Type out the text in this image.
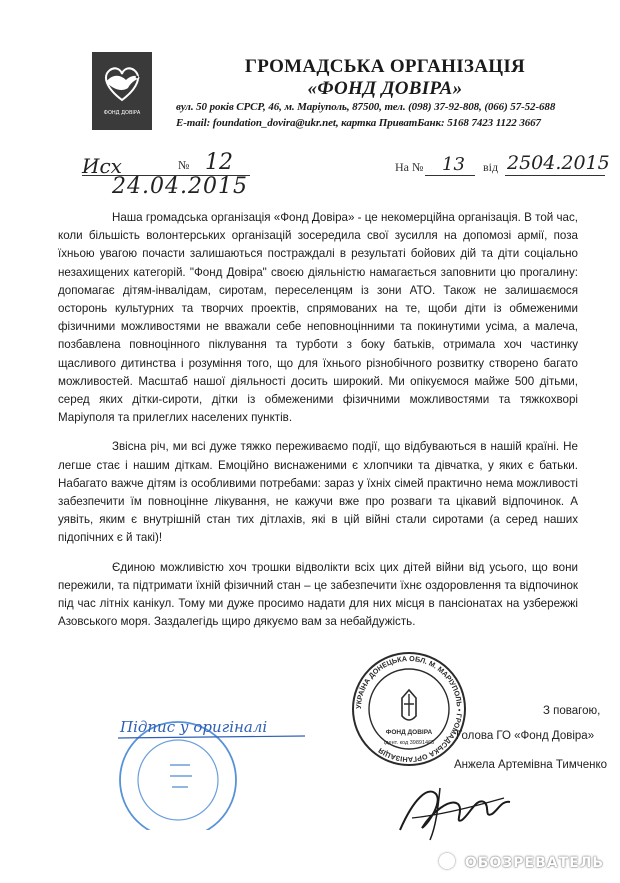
ФОНД ДОВІРА
ГРОМАДСЬКА ОРГАНІЗАЦІЯ
«ФОНД ДОВІРА»
вул. 50 років СРСР, 46, м. Маріуполь, 87500, тел. (098) 37-92-808, (066) 57-52-688
E-mail: foundation_dovira@ukr.net, картка ПриватБанк: 5168 7423 1122 3667
Исх	№ 12
24.04.2015
На № 13 від 2504.2015

Наша громадська організація «Фонд Довіра» - це некомерційна організація. В той час, коли більшість волонтерських організацій зосередила свої зусилля на допомозі армії, поза їхньою увагою почасти залишаються постраждалі в результаті бойових дій та діти соціально незахищених категорій. "Фонд Довіра" своєю діяльністю намагається заповнити цю прогалину: допомагає дітям-інвалідам, сиротам, переселенцям із зони АТО. Також не залишаємося осторонь культурних та творчих проектів, спрямованих на те, щоби діти із обмеженими фізичними можливостями не вважали себе неповноцінними та покинутими усіма, а малеча, позбавлена повноцінного піклування та турботи з боку батьків, отримала хоч частинку щасливого дитинства і розуміння того, що для їхнього різнобічного розвитку створено багато можливостей. Масштаб нашої діяльності досить широкий. Ми опікуємося майже 500 дітьми, серед яких дітки-сироти, дітки із обмеженими фізичними можливостями та тяжкохворі Маріуполя та прилеглих населених пунктів.

Звісна річ, ми всі дуже тяжко переживаємо події, що відбуваються в нашій країні. Не легше стає і нашим діткам. Емоційно виснаженими є хлопчики та дівчатка, у яких є батьки. Набагато важче дітям із особливими потребами: зараз у їхніх сімей практично нема можливості забезпечити їм повноцінне лікування, не кажучи вже про розваги та цікавий відпочинок. А уявіть, яким є внутрішній стан тих дітлахів, які в цій війні стали сиротами (а серед наших підопічних є й такі)!

Єдиною можливістю хоч трошки відволікти всіх цих дітей війни від усього, що вони пережили, та підтримати їхній фізичний стан – це забезпечити їхнє оздоровлення та відпочинок під час літніх канікул. Тому ми дуже просимо надати для них місця в пансіонатах на узбережжі Азовського моря. Заздалегідь щиро дякуємо вам за небайдужість.

УКРАЇНА ДОНЕЦЬКА ОБЛ. М. МАРІУПОЛЬ • ГРОМАДСЬКА ОРГАНІЗАЦІЯ
ФОНД ДОВІРА
Ідент. код 39891465
З повагою,
Голова ГО «Фонд Довіра»
Анжела Артемівна Тимченко
Підпис у оригіналі
ОБОЗРЕВАТЕЛЬ
